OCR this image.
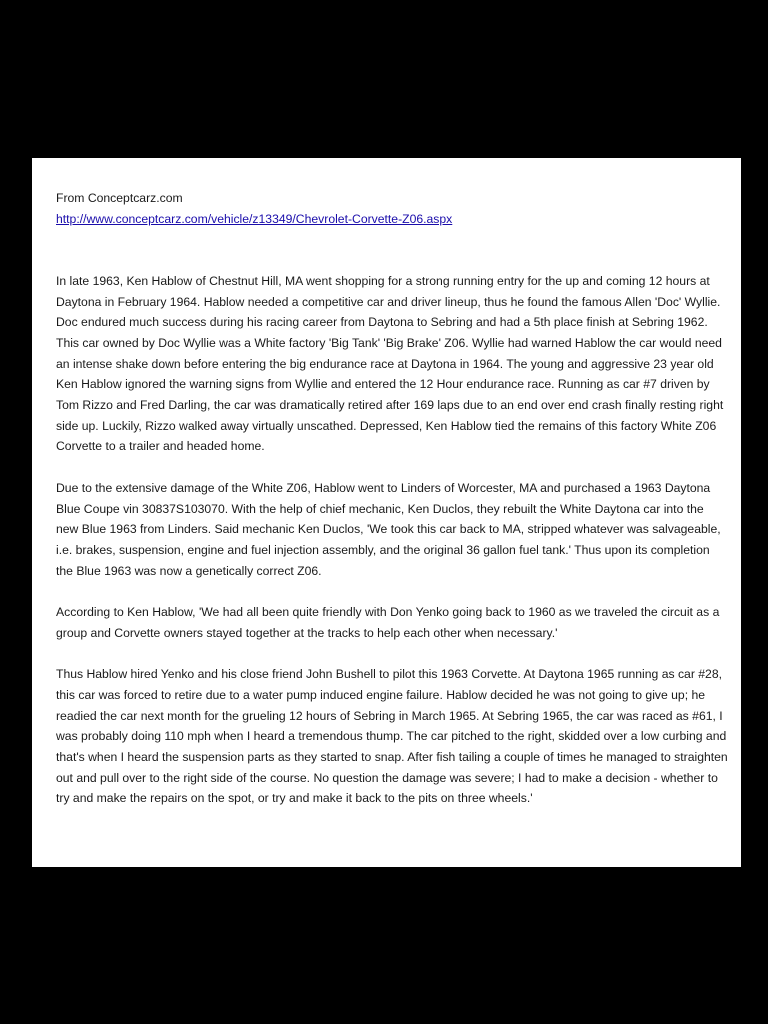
From Conceptcarz.com

http://www.conceptcarz.com/vehicle/z13349/Chevrolet-Corvette-Z06.aspx

In late 1963, Ken Hablow of Chestnut Hill, MA went shopping for a strong running entry for the up and coming 12 hours at Daytona in February 1964. Hablow needed a competitive car and driver lineup, thus he found the famous Allen 'Doc' Wyllie. Doc endured much success during his racing career from Daytona to Sebring and had a 5th place finish at Sebring 1962. This car owned by Doc Wyllie was a White factory 'Big Tank' 'Big Brake' Z06. Wyllie had warned Hablow the car would need an intense shake down before entering the big endurance race at Daytona in 1964. The young and aggressive 23 year old Ken Hablow ignored the warning signs from Wyllie and entered the 12 Hour endurance race. Running as car #7 driven by Tom Rizzo and Fred Darling, the car was dramatically retired after 169 laps due to an end over end crash finally resting right side up. Luckily, Rizzo walked away virtually unscathed. Depressed, Ken Hablow tied the remains of this factory White Z06 Corvette to a trailer and headed home.

Due to the extensive damage of the White Z06, Hablow went to Linders of Worcester, MA and purchased a 1963 Daytona Blue Coupe vin 30837S103070. With the help of chief mechanic, Ken Duclos, they rebuilt the White Daytona car into the new Blue 1963 from Linders. Said mechanic Ken Duclos, 'We took this car back to MA, stripped whatever was salvageable, i.e. brakes, suspension, engine and fuel injection assembly, and the original 36 gallon fuel tank.' Thus upon its completion the Blue 1963 was now a genetically correct Z06.

According to Ken Hablow, 'We had all been quite friendly with Don Yenko going back to 1960 as we traveled the circuit as a group and Corvette owners stayed together at the tracks to help each other when necessary.'

Thus Hablow hired Yenko and his close friend John Bushell to pilot this 1963 Corvette. At Daytona 1965 running as car #28, this car was forced to retire due to a water pump induced engine failure. Hablow decided he was not going to give up; he readied the car next month for the grueling 12 hours of Sebring in March 1965. At Sebring 1965, the car was raced as #61, I was probably doing 110 mph when I heard a tremendous thump. The car pitched to the right, skidded over a low curbing and that's when I heard the suspension parts as they started to snap. After fish tailing a couple of times he managed to straighten out and pull over to the right side of the course. No question the damage was severe; I had to make a decision - whether to try and make the repairs on the spot, or try and make it back to the pits on three wheels.'
